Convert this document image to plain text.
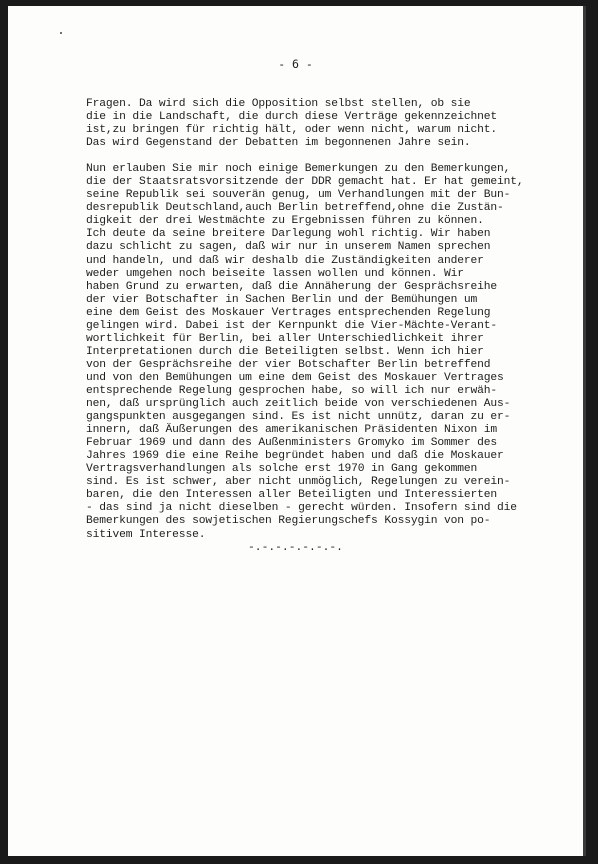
- 6 -
Fragen. Da wird sich die Opposition selbst stellen, ob sie
die in die Landschaft, die durch diese Verträge gekennzeichnet
ist,zu bringen für richtig hält, oder wenn nicht, warum nicht.
Das wird Gegenstand der Debatten im begonnenen Jahre sein.
Nun erlauben Sie mir noch einige Bemerkungen zu den Bemerkungen,
die der Staatsratsvorsitzende der DDR gemacht hat. Er hat gemeint,
seine Republik sei souverän genug, um Verhandlungen mit der Bun-
desrepublik Deutschland,auch Berlin betreffend,ohne die Zustän-
digkeit der drei Westmächte zu Ergebnissen führen zu können.
Ich deute da seine breitere Darlegung wohl richtig. Wir haben
dazu schlicht zu sagen, daß wir nur in unserem Namen sprechen
und handeln, und daß wir deshalb die Zuständigkeiten anderer
weder umgehen noch beiseite lassen wollen und können. Wir
haben Grund zu erwarten, daß die Annäherung der Gesprächsreihe
der vier Botschafter in Sachen Berlin und der Bemühungen um
eine dem Geist des Moskauer Vertrages entsprechenden Regelung
gelingen wird. Dabei ist der Kernpunkt die Vier-Mächte-Verant-
wortlichkeit für Berlin, bei aller Unterschiedlichkeit ihrer
Interpretationen durch die Beteiligten selbst. Wenn ich hier
von der Gesprächsreihe der vier Botschafter Berlin betreffend
und von den Bemühungen um eine dem Geist des Moskauer Vertrages
entsprechende Regelung gesprochen habe, so will ich nur erwäh-
nen, daß ursprünglich auch zeitlich beide von verschiedenen Aus-
gangspunkten ausgegangen sind. Es ist nicht unnütz, daran zu er-
innern, daß Äußerungen des amerikanischen Präsidenten Nixon im
Februar 1969 und dann des Außenministers Gromyko im Sommer des
Jahres 1969 die eine Reihe begründet haben und daß die Moskauer
Vertragsverhandlungen als solche erst 1970 in Gang gekommen
sind. Es ist schwer, aber nicht unmöglich, Regelungen zu verein-
baren, die den Interessen aller Beteiligten und Interessierten
- das sind ja nicht dieselben - gerecht würden. Insofern sind die
Bemerkungen des sowjetischen Regierungschefs Kossygin von po-
sitivem Interesse.
-.-.-.-.-.-.-.
